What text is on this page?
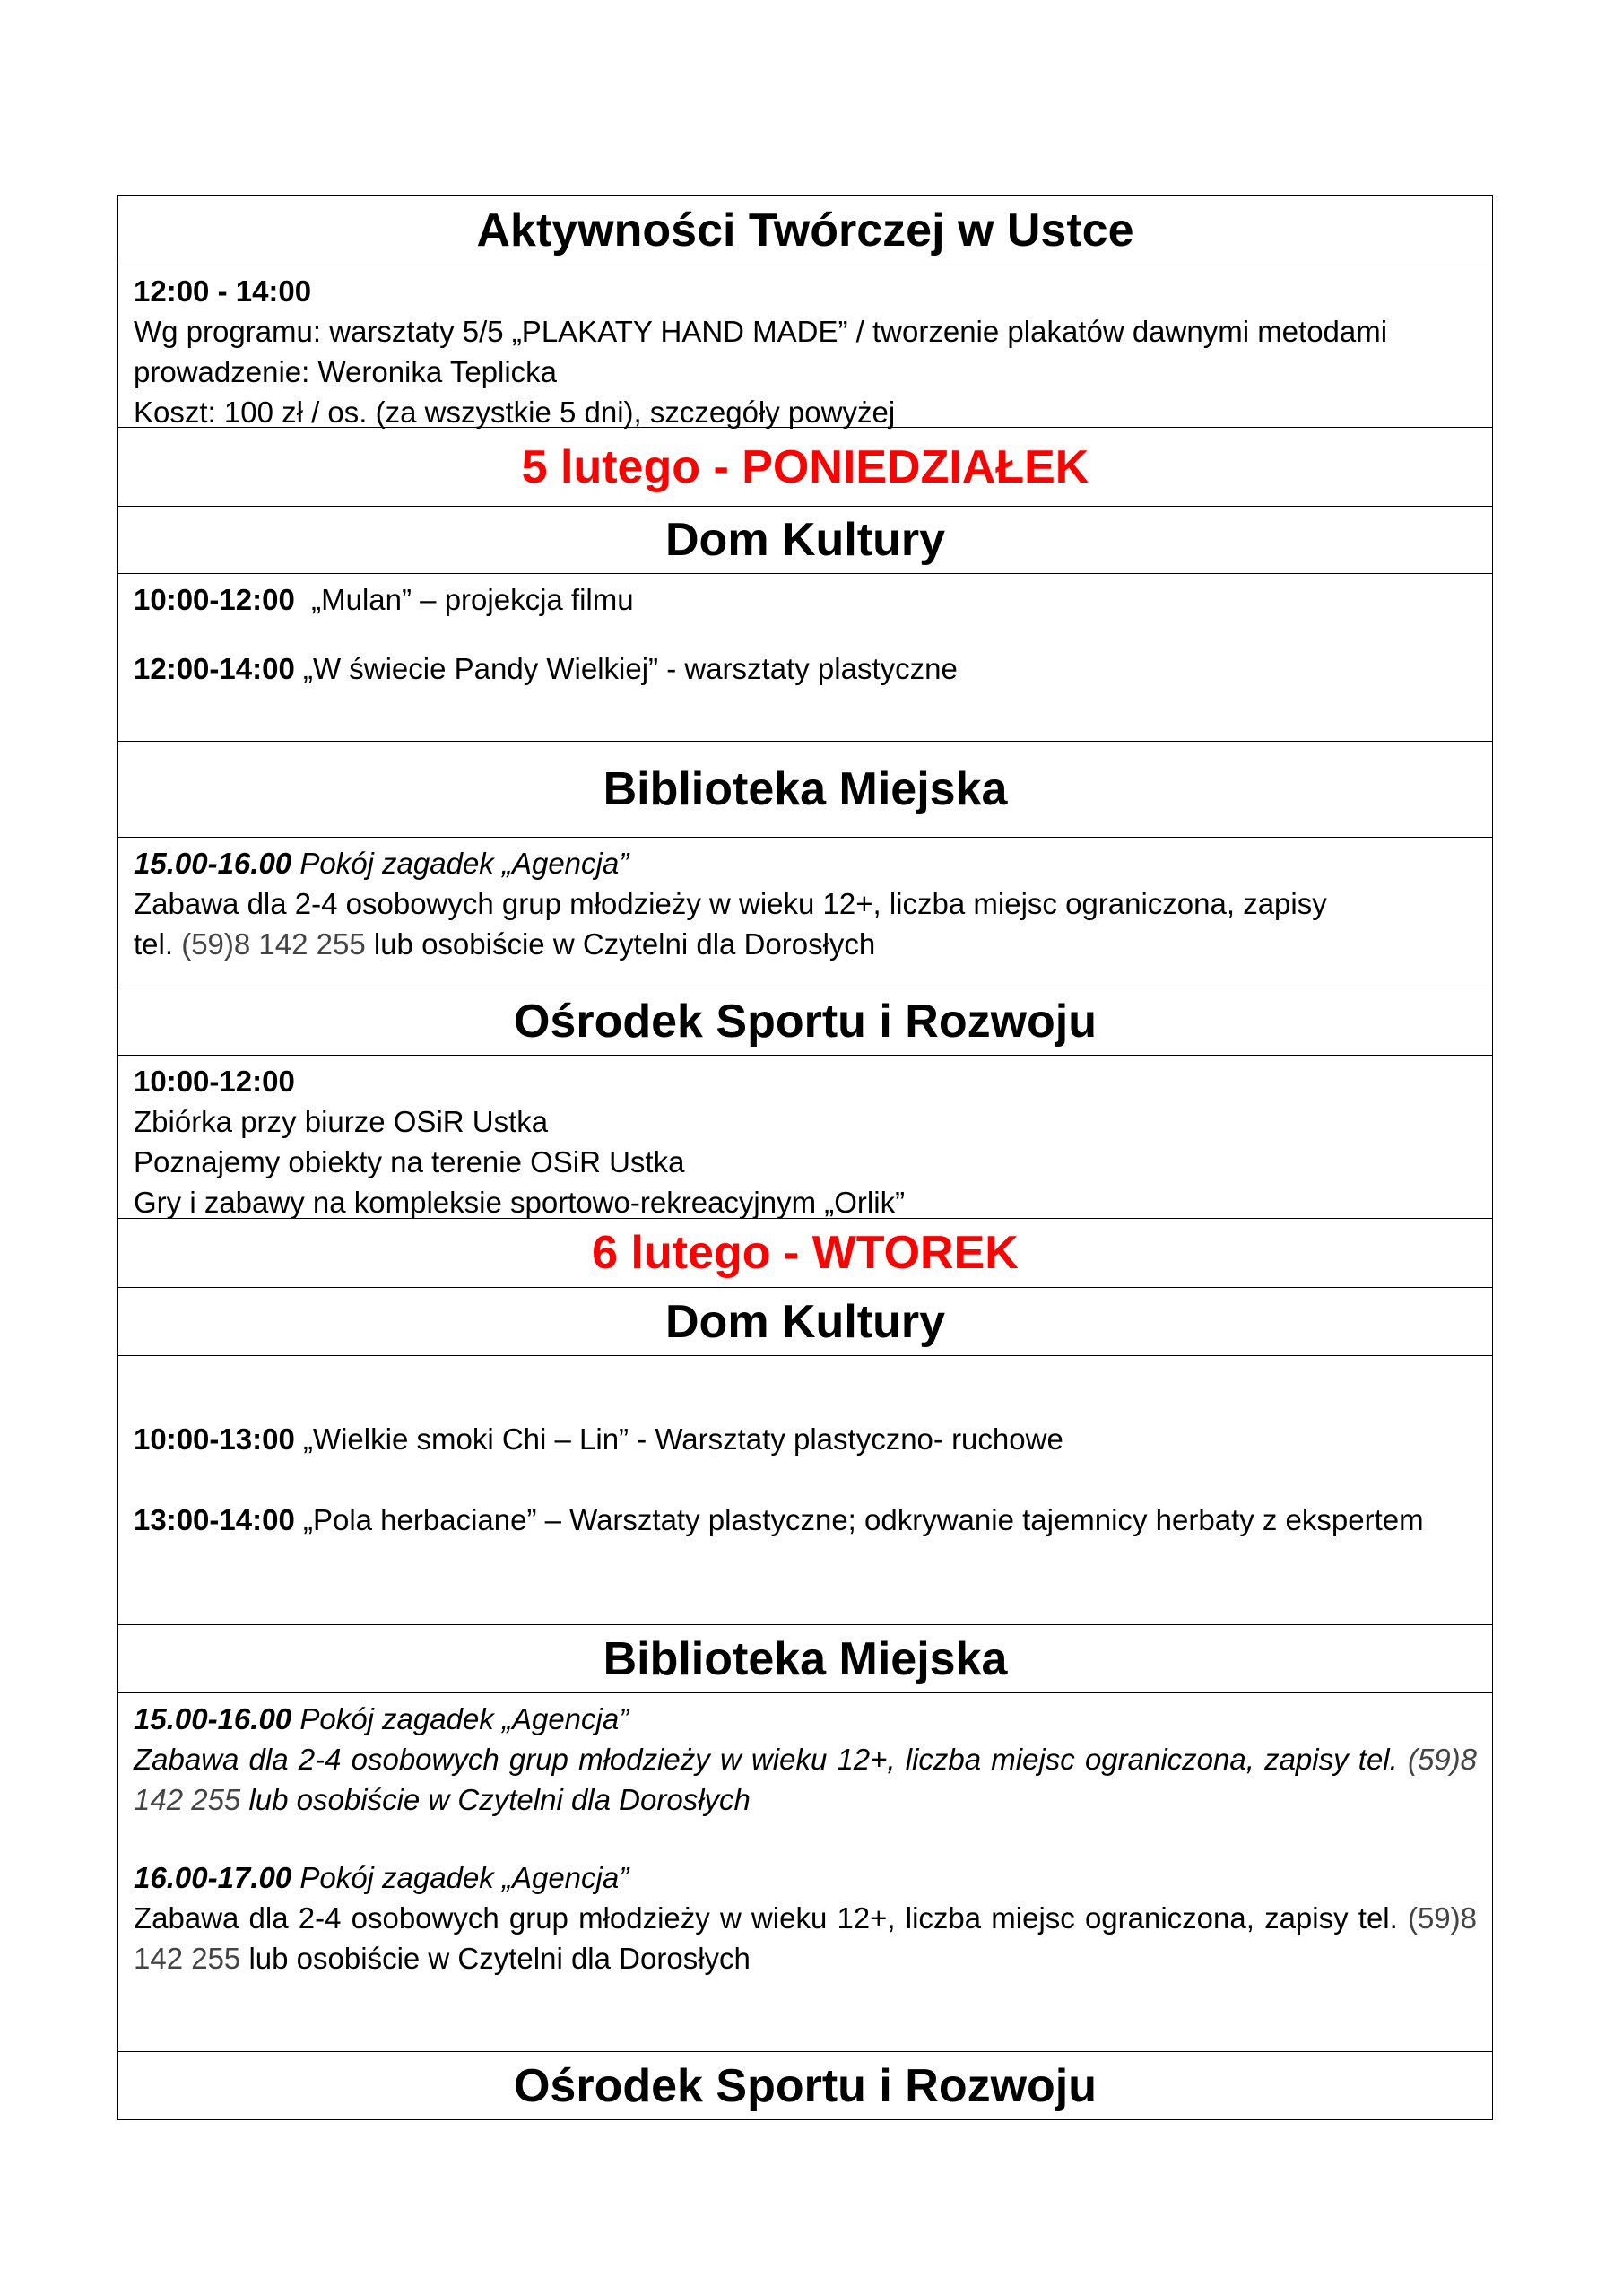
Aktywności Twórczej w Ustce

12:00 - 14:00

Wg programu: warsztaty 5/5 „PLAKATY HAND MADE” / tworzenie plakatów dawnymi metodami

prowadzenie: Weronika Teplicka

Koszt: 100 zł / os. (za wszystkie 5 dni), szczegóły powyżej

5 lutego - PONIEDZIAŁEK
Dom Kultury

10:00-12:00 „Mulan” – projekcja filmu

12:00-14:00 „W świecie Pandy Wielkiej” - warsztaty plastyczne

Biblioteka Miejska

15.00-16.00 Pokój zagadek „Agencja”

Zabawa dla 2-4 osobowych grup młodzieży w wieku 12+, liczba miejsc ograniczona, zapisy

tel. (59)8 142 255 lub osobiście w Czytelni dla Dorosłych

Ośrodek Sportu i Rozwoju

10:00-12:00

Zbiórka przy biurze OSiR Ustka

Poznajemy obiekty na terenie OSiR Ustka

Gry i zabawy na kompleksie sportowo-rekreacyjnym „Orlik”

6 lutego - WTOREK
Dom Kultury

10:00-13:00 „Wielkie smoki Chi – Lin” - Warsztaty plastyczno- ruchowe

13:00-14:00 „Pola herbaciane” – Warsztaty plastyczne; odkrywanie tajemnicy herbaty z ekspertem

Biblioteka Miejska

15.00-16.00 Pokój zagadek „Agencja”

Zabawa dla 2-4 osobowych grup młodzieży w wieku 12+, liczba miejsc ograniczona, zapisy tel. (59)8 142 255 lub osobiście w Czytelni dla Dorosłych

16.00-17.00 Pokój zagadek „Agencja”

Zabawa dla 2-4 osobowych grup młodzieży w wieku 12+, liczba miejsc ograniczona, zapisy tel. (59)8 142 255 lub osobiście w Czytelni dla Dorosłych

Ośrodek Sportu i Rozwoju
